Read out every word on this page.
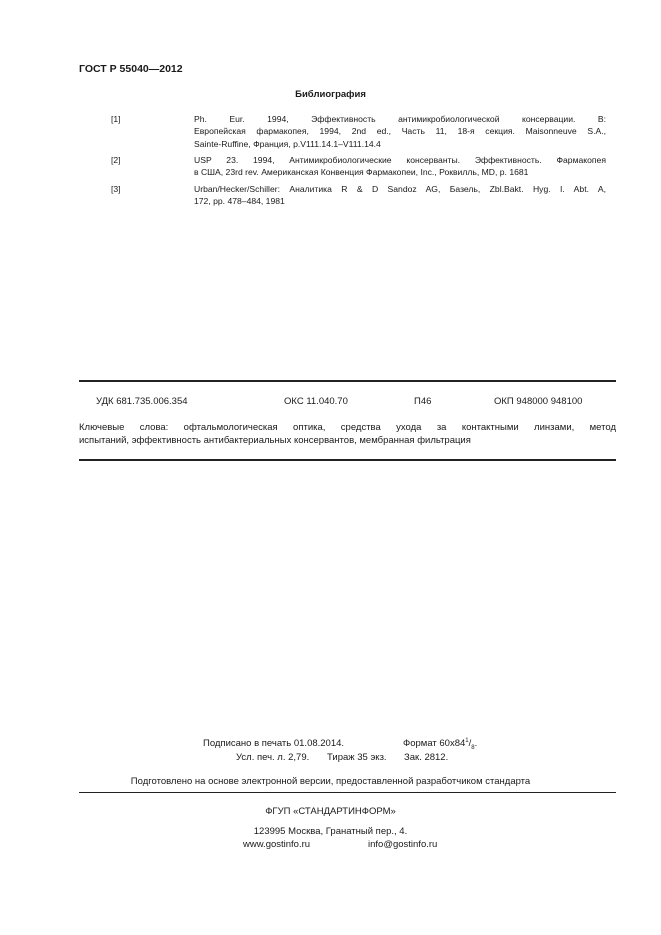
ГОСТ Р 55040—2012
Библиография
[1]	Ph. Eur. 1994, Эффективность антимикробиологической консервации. В:
Европейская фармакопея, 1994, 2nd ed., Часть 11, 18-я секция. Maisonneuve S.A.,
Sainte-Ruffine, Франция, p.V111.14.1–V111.14.4
[2]	USP 23. 1994, Антимикробиологические консерванты. Эффективность. Фармакопея
в США, 23rd rev. Американская Конвенция Фармакопеи, Inc., Роквилль, MD, p. 1681
[3]	Urban/Hecker/Schiller: Аналитика R & D Sandoz AG, Базель, Zbl.Bakt. Hyg. I. Abt. A,
172, pp. 478–484, 1981
УДК 681.735.006.354	ОКС 11.040.70	П46	ОКП 948000 948100
Ключевые слова: офтальмологическая оптика, средства ухода за контактными линзами, метод
испытаний, эффективность антибактериальных консервантов, мембранная фильтрация
Подписано в печать 01.08.2014.	Формат $60x84^1/_8$.
Усл. печ. л. 2,79. Тираж 35 экз. Зак. 2812.
Подготовлено на основе электронной версии, предоставленной разработчиком стандарта
ФГУП «СТАНДАРТИНФОРМ»
123995 Москва, Гранатный пер., 4.
www.gostinfo.ru	info@gostinfo.ru
